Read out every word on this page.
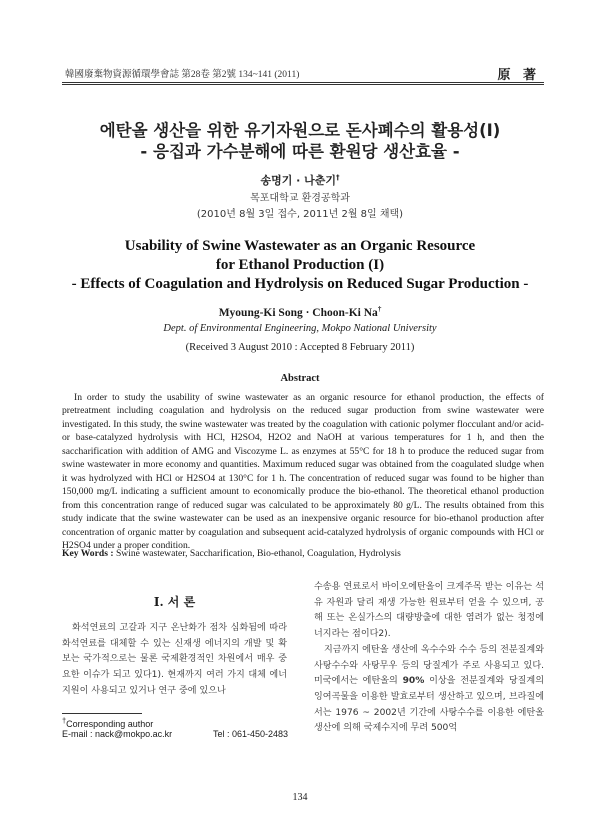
韓國廢棄物資源循環學會誌 第28卷 第2號 134~141 (2011)	原 著
에탄올 생산을 위한 유기자원으로 돈사폐수의 활용성(I)
- 응집과 가수분해에 따른 환원당 생산효율 -
송명기 · 나춘기†
목포대학교 환경공학과
(2010년 8월 3일 접수, 2011년 2월 8일 채택)
Usability of Swine Wastewater as an Organic Resource
for Ethanol Production (I)
- Effects of Coagulation and Hydrolysis on Reduced Sugar Production -
Myoung-Ki Song · Choon-Ki Na†
Dept. of Environmental Engineering, Mokpo National University
(Received 3 August 2010 : Accepted 8 February 2011)
Abstract

In order to study the usability of swine wastewater as an organic resource for ethanol production, the effects of pretreatment including coagulation and hydrolysis on the reduced sugar production from swine wastewater were investigated. In this study, the swine wastewater was treated by the coagulation with cationic polymer flocculant and/or acid- or base-catalyzed hydrolysis with HCl, H2SO4, H2O2 and NaOH at various temperatures for 1 h, and then the saccharification with addition of AMG and Viscozyme L. as enzymes at 55°C for 18 h to produce the reduced sugar from swine wastewater in more economy and quantities. Maximum reduced sugar was obtained from the coagulated sludge when it was hydrolyzed with HCl or H2SO4 at 130°C for 1 h. The concentration of reduced sugar was found to be higher than 150,000 mg/L indicating a sufficient amount to economically produce the bio-ethanol. The theoretical ethanol production from this concentration range of reduced sugar was calculated to be approximately 80 g/L. The results obtained from this study indicate that the swine wastewater can be used as an inexpensive organic resource for bio-ethanol production after concentration of organic matter by coagulation and subsequent acid-catalyzed hydrolysis of organic compounds with HCl or H2SO4 under a proper condition.

Key Words : Swine wastewater, Saccharification, Bio-ethanol, Coagulation, Hydrolysis
I. 서 론

화석연료의 고갈과 지구 온난화가 점차 심화됨에 따라 화석연료를 대체할 수 있는 신재생 에너지의 개발 및 확보는 국가적으로는 물론 국제환경적인 차원에서 매우 중요한 이슈가 되고 있다1). 현재까지 여러 가지 대체 에너지원이 사용되고 있거나 연구 중에 있으나

수송용 연료로서 바이오에탄올이 크게주목 받는 이유는 석유 자원과 달리 재생 가능한 원료부터 얻을 수 있으며, 공해 또는 온실가스의 대량방출에 대한 염려가 없는 청정에너지라는 점이다2).

지금까지 에탄올 생산에 옥수수와 수수 등의 전분질계와 사탕수수와 사탕무우 등의 당질계가 주로 사용되고 있다. 미국에서는 에탄올의 90% 이상을 전분질계와 당질계의 잉여곡물을 이용한 발효로부터 생산하고 있으며, 브라질에서는 1976 ~ 2002년 기간에 사탕수수를 이용한 에탄올 생산에 의해 국제수지에 무려 500억

†Corresponding author
E-mail : nack@mokpo.ac.kr	Tel : 061-450-2483
134
